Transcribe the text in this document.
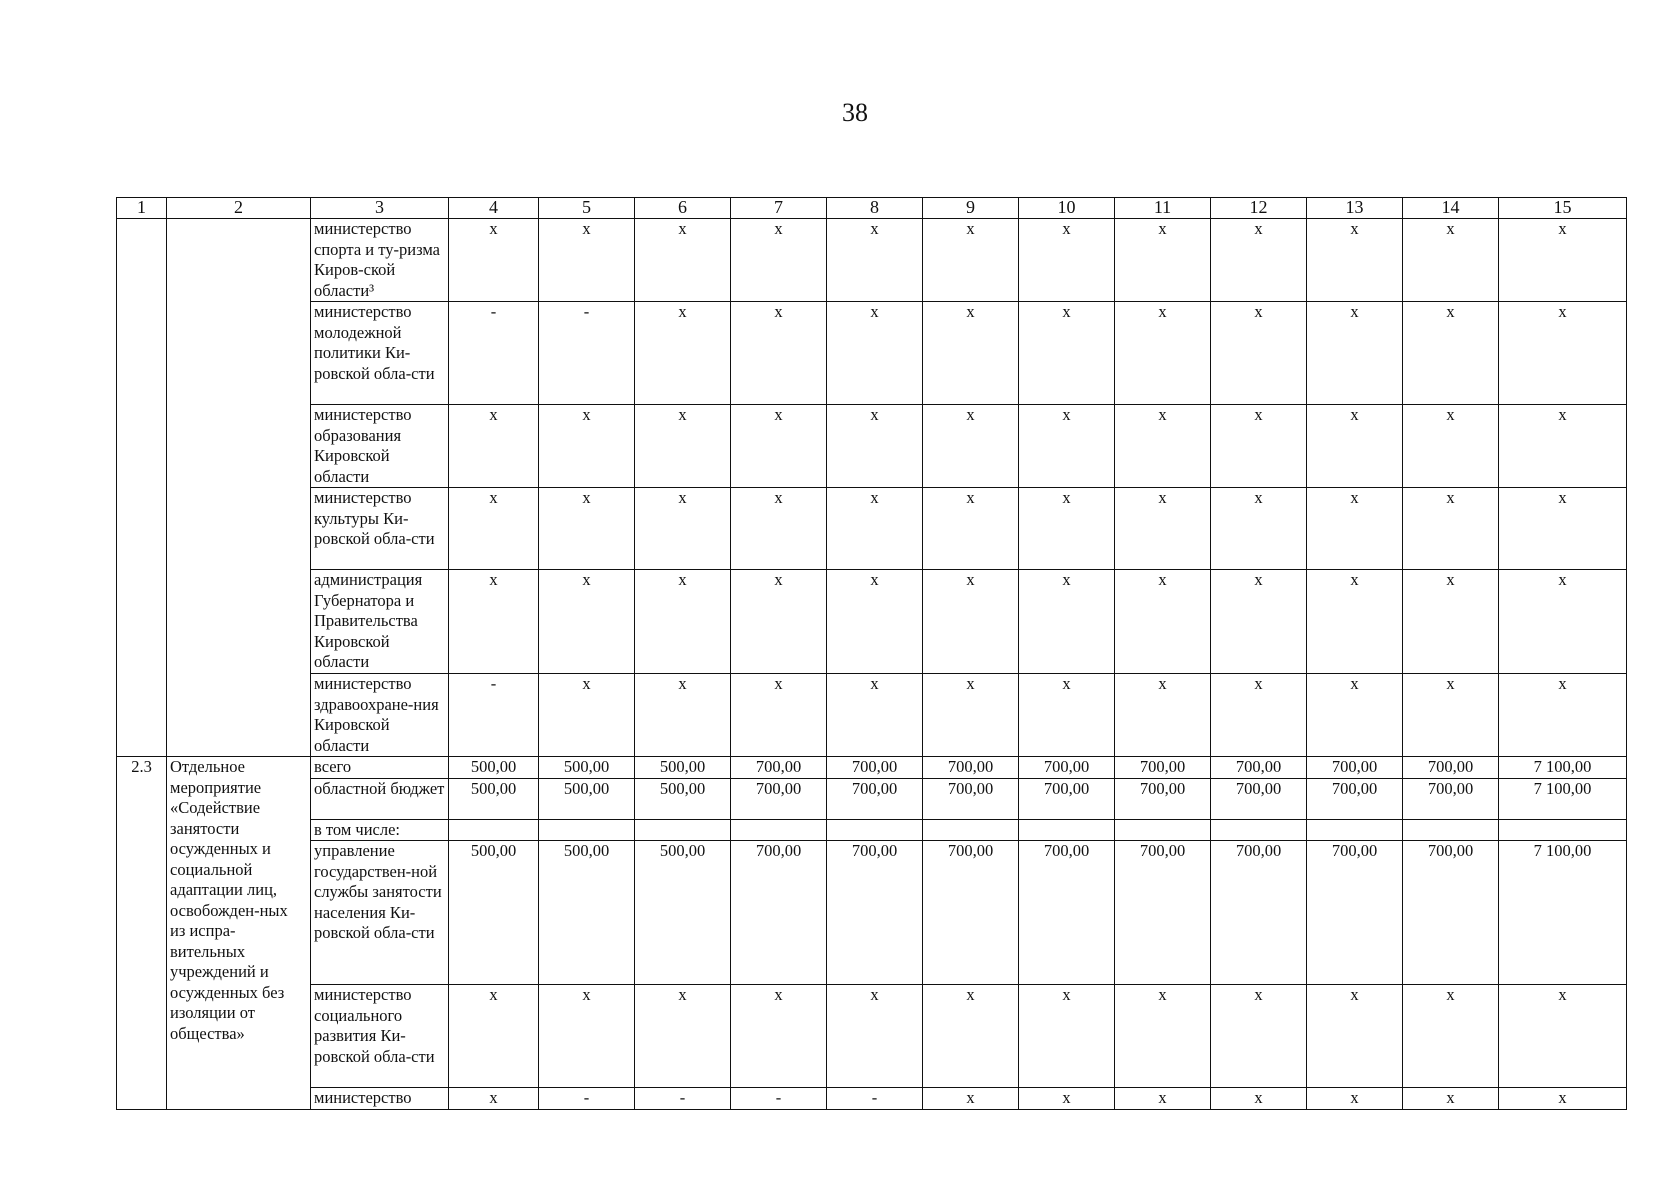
38
1	2	3	4	5	6	7	8	9	10	11	12	13	14	15
		министерство спорта и ту-ризма Киров-ской области³	x	x	x	x	x	x	x	x	x	x	x	x
		министерство молодежной политики Ки-ровской обла-сти	-	-	x	x	x	x	x	x	x	x	x	x
		министерство образования Кировской области	x	x	x	x	x	x	x	x	x	x	x	x
		министерство культуры Ки-ровской обла-сти	x	x	x	x	x	x	x	x	x	x	x	x
		администрация Губернатора и Правительства Кировской области	x	x	x	x	x	x	x	x	x	x	x	x
		министерство здравоохране-ния Кировской области	-	x	x	x	x	x	x	x	x	x	x	x
2.3	Отдельное мероприятие «Содействие занятости осужденных и социальной адаптации лиц, освобожден-ных из испра-вительных учреждений и осужденных без изоляции от общества»	всего	500,00	500,00	500,00	700,00	700,00	700,00	700,00	700,00	700,00	700,00	700,00	7 100,00
		областной бюджет	500,00	500,00	500,00	700,00	700,00	700,00	700,00	700,00	700,00	700,00	700,00	7 100,00
		в том числе:												
		управление государствен-ной службы занятости населения Ки-ровской обла-сти	500,00	500,00	500,00	700,00	700,00	700,00	700,00	700,00	700,00	700,00	700,00	7 100,00
		министерство социального развития Ки-ровской обла-сти	x	x	x	x	x	x	x	x	x	x	x	x
		министерство	x	-	-	-	-	x	x	x	x	x	x	x
